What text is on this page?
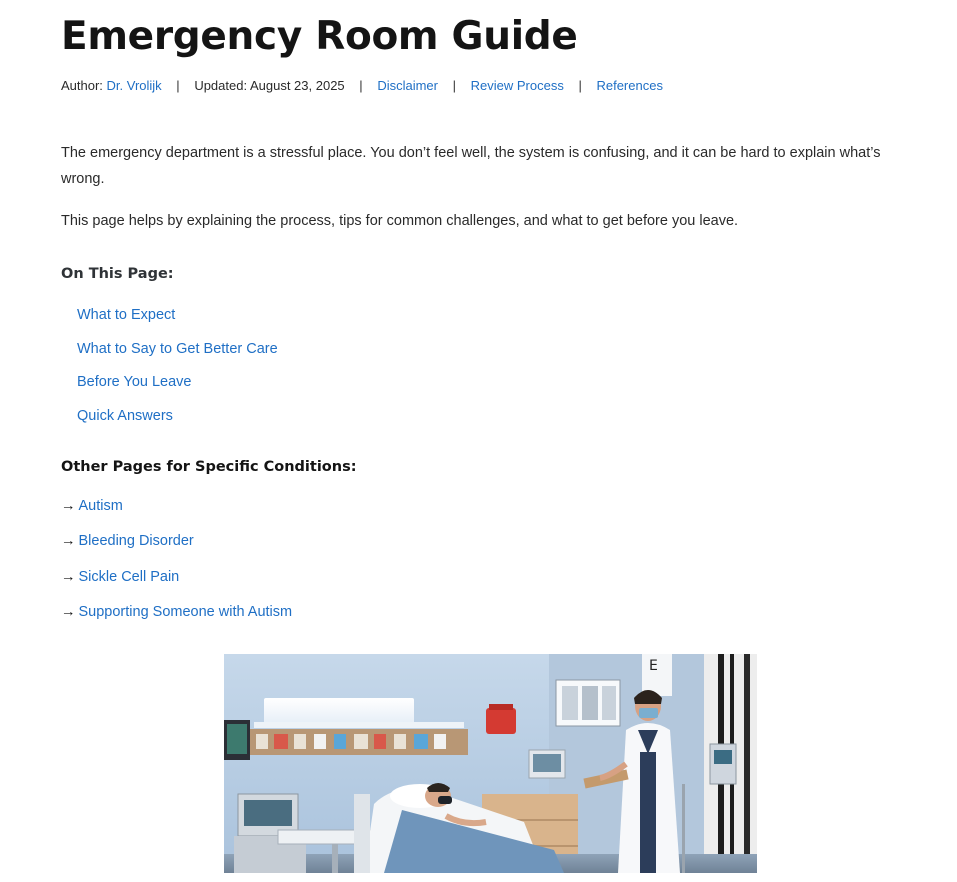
Emergency Room Guide
Author: Dr. Vrolijk | Updated: August 23, 2025 | Disclaimer | Review Process | References

The emergency department is a stressful place. You don’t feel well, the system is confusing, and it can be hard to explain what’s wrong.

This page helps by explaining the process, tips for common challenges, and what to get before you leave.

On This Page:
What to Expect
What to Say to Get Better Care
Before You Leave
Quick Answers
Other Pages for Specific Conditions:
→ Autism
→ Bleeding Disorder
→ Sickle Cell Pain
→ Supporting Someone with Autism
E
